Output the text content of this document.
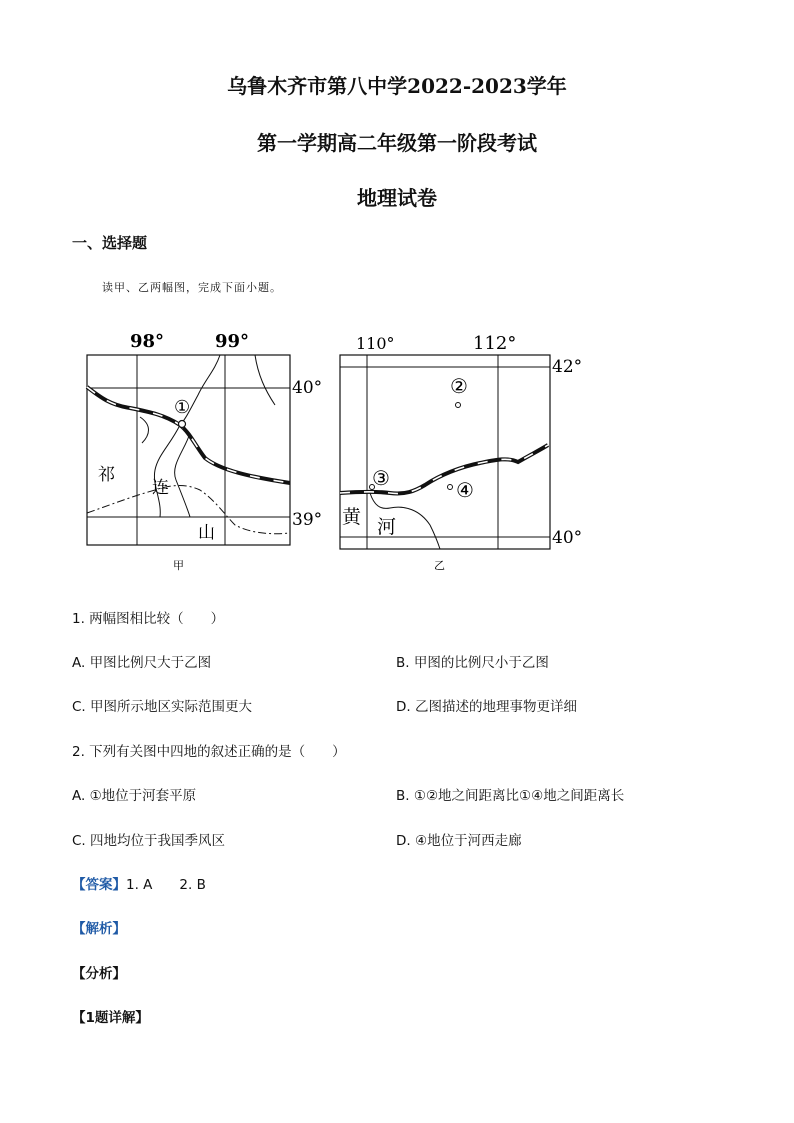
乌鲁木齐市第八中学2022-2023学年
第一学期高二年级第一阶段考试
地理试卷
一、选择题
读甲、乙两幅图，完成下面小题。
98°	99°
40°
39°
①
祁
连
山
甲
110°	112°
42°
40°
②
③	④
黄 河
乙
1. 两幅图相比较（　　）
A. 甲图比例尺大于乙图	B. 甲图的比例尺小于乙图
C. 甲图所示地区实际范围更大	D. 乙图描述的地理事物更详细
2. 下列有关图中四地的叙述正确的是（　　）
A. ①地位于河套平原	B. ①②地之间距离比①④地之间距离长
C. 四地均位于我国季风区	D. ④地位于河西走廊
【答案】1. A　　2. B
【解析】
【分析】
【1题详解】
